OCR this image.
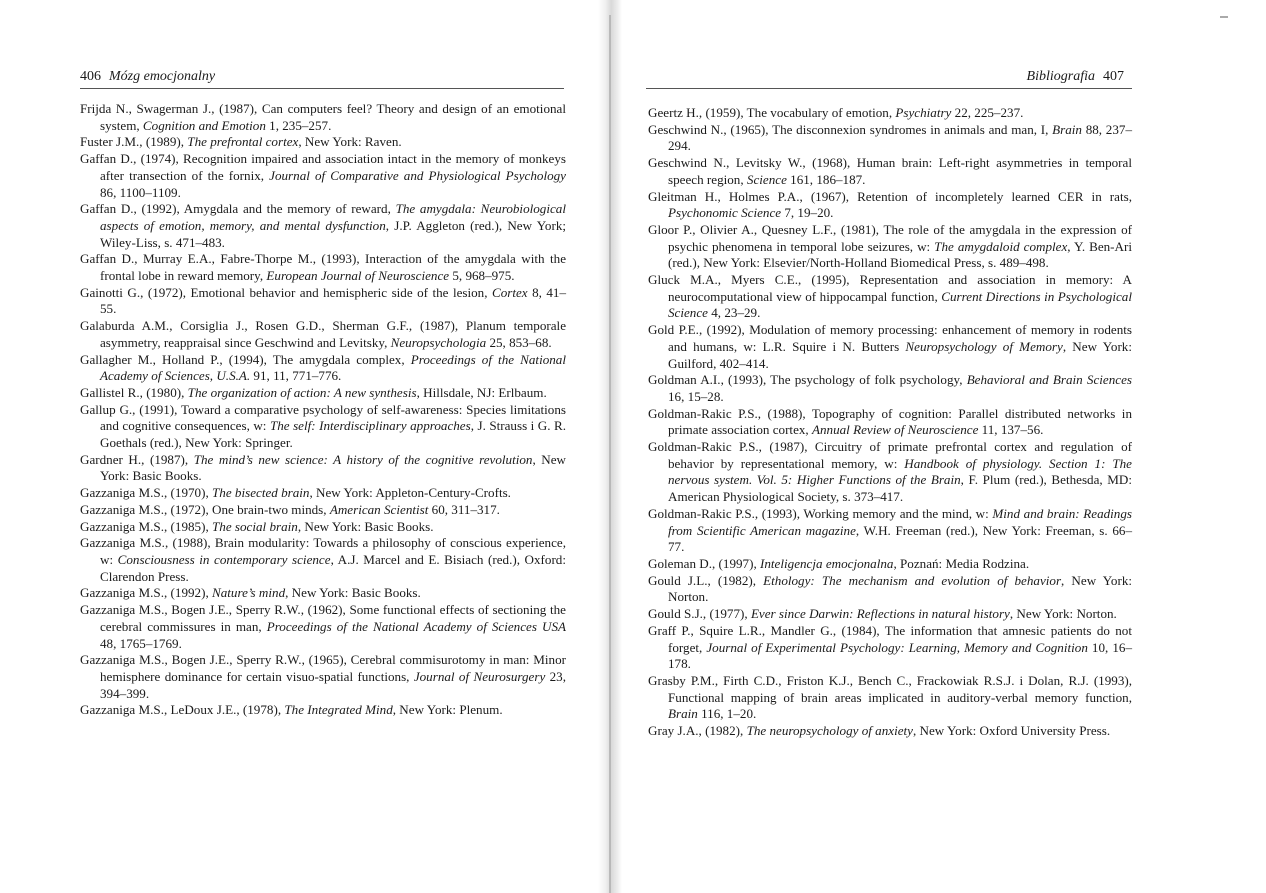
406 Mózg emocjonalny
Frijda N., Swagerman J., (1987), Can computers feel? Theory and design of an emotional system, Cognition and Emotion 1, 235–257.
Fuster J.M., (1989), The prefrontal cortex, New York: Raven.
Gaffan D., (1974), Recognition impaired and association intact in the memory of monkeys after transection of the fornix, Journal of Comparative and Physiological Psychology 86, 1100–1109.
Gaffan D., (1992), Amygdala and the memory of reward, The amygdala: Neurobiological aspects of emotion, memory, and mental dysfunction, J.P. Aggleton (red.), New York; Wiley-Liss, s. 471–483.
Gaffan D., Murray E.A., Fabre-Thorpe M., (1993), Interaction of the amygdala with the frontal lobe in reward memory, European Journal of Neuroscience 5, 968–975.
Gainotti G., (1972), Emotional behavior and hemispheric side of the lesion, Cortex 8, 41–55.
Galaburda A.M., Corsiglia J., Rosen G.D., Sherman G.F., (1987), Planum temporale asymmetry, reappraisal since Geschwind and Levitsky, Neuropsychologia 25, 853–68.
Gallagher M., Holland P., (1994), The amygdala complex, Proceedings of the National Academy of Sciences, U.S.A. 91, 11, 771–776.
Gallistel R., (1980), The organization of action: A new synthesis, Hillsdale, NJ: Erlbaum.
Gallup G., (1991), Toward a comparative psychology of self-awareness: Species limitations and cognitive consequences, w: The self: Interdisciplinary approaches, J. Strauss i G. R. Goethals (red.), New York: Springer.
Gardner H., (1987), The mind’s new science: A history of the cognitive revolution, New York: Basic Books.
Gazzaniga M.S., (1970), The bisected brain, New York: Appleton-Century-Crofts.
Gazzaniga M.S., (1972), One brain-two minds, American Scientist 60, 311–317.
Gazzaniga M.S., (1985), The social brain, New York: Basic Books.
Gazzaniga M.S., (1988), Brain modularity: Towards a philosophy of conscious experience, w: Consciousness in contemporary science, A.J. Marcel and E. Bisiach (red.), Oxford: Clarendon Press.
Gazzaniga M.S., (1992), Nature’s mind, New York: Basic Books.
Gazzaniga M.S., Bogen J.E., Sperry R.W., (1962), Some functional effects of sectioning the cerebral commissures in man, Proceedings of the National Academy of Sciences USA 48, 1765–1769.
Gazzaniga M.S., Bogen J.E., Sperry R.W., (1965), Cerebral commisurotomy in man: Minor hemisphere dominance for certain visuo-spatial functions, Journal of Neurosurgery 23, 394–399.
Gazzaniga M.S., LeDoux J.E., (1978), The Integrated Mind, New York: Plenum.
Bibliografia 407
Geertz H., (1959), The vocabulary of emotion, Psychiatry 22, 225–237.
Geschwind N., (1965), The disconnexion syndromes in animals and man, I, Brain 88, 237–294.
Geschwind N., Levitsky W., (1968), Human brain: Left-right asymmetries in temporal speech region, Science 161, 186–187.
Gleitman H., Holmes P.A., (1967), Retention of incompletely learned CER in rats, Psychonomic Science 7, 19–20.
Gloor P., Olivier A., Quesney L.F., (1981), The role of the amygdala in the expression of psychic phenomena in temporal lobe seizures, w: The amygdaloid complex, Y. Ben-Ari (red.), New York: Elsevier/North-Holland Biomedical Press, s. 489–498.
Gluck M.A., Myers C.E., (1995), Representation and association in memory: A neurocomputational view of hippocampal function, Current Directions in Psychological Science 4, 23–29.
Gold P.E., (1992), Modulation of memory processing: enhancement of memory in rodents and humans, w: L.R. Squire i N. Butters Neuropsychology of Memory, New York: Guilford, 402–414.
Goldman A.I., (1993), The psychology of folk psychology, Behavioral and Brain Sciences 16, 15–28.
Goldman-Rakic P.S., (1988), Topography of cognition: Parallel distributed networks in primate association cortex, Annual Review of Neuroscience 11, 137–56.
Goldman-Rakic P.S., (1987), Circuitry of primate prefrontal cortex and regulation of behavior by representational memory, w: Handbook of physiology. Section 1: The nervous system. Vol. 5: Higher Functions of the Brain, F. Plum (red.), Bethesda, MD: American Physiological Society, s. 373–417.
Goldman-Rakic P.S., (1993), Working memory and the mind, w: Mind and brain: Readings from Scientific American magazine, W.H. Freeman (red.), New York: Freeman, s. 66–77.
Goleman D., (1997), Inteligencja emocjonalna, Poznań: Media Rodzina.
Gould J.L., (1982), Ethology: The mechanism and evolution of behavior, New York: Norton.
Gould S.J., (1977), Ever since Darwin: Reflections in natural history, New York: Norton.
Graff P., Squire L.R., Mandler G., (1984), The information that amnesic patients do not forget, Journal of Experimental Psychology: Learning, Memory and Cognition 10, 16–178.
Grasby P.M., Firth C.D., Friston K.J., Bench C., Frackowiak R.S.J. i Dolan, R.J. (1993), Functional mapping of brain areas implicated in auditory-verbal memory function, Brain 116, 1–20.
Gray J.A., (1982), The neuropsychology of anxiety, New York: Oxford University Press.
